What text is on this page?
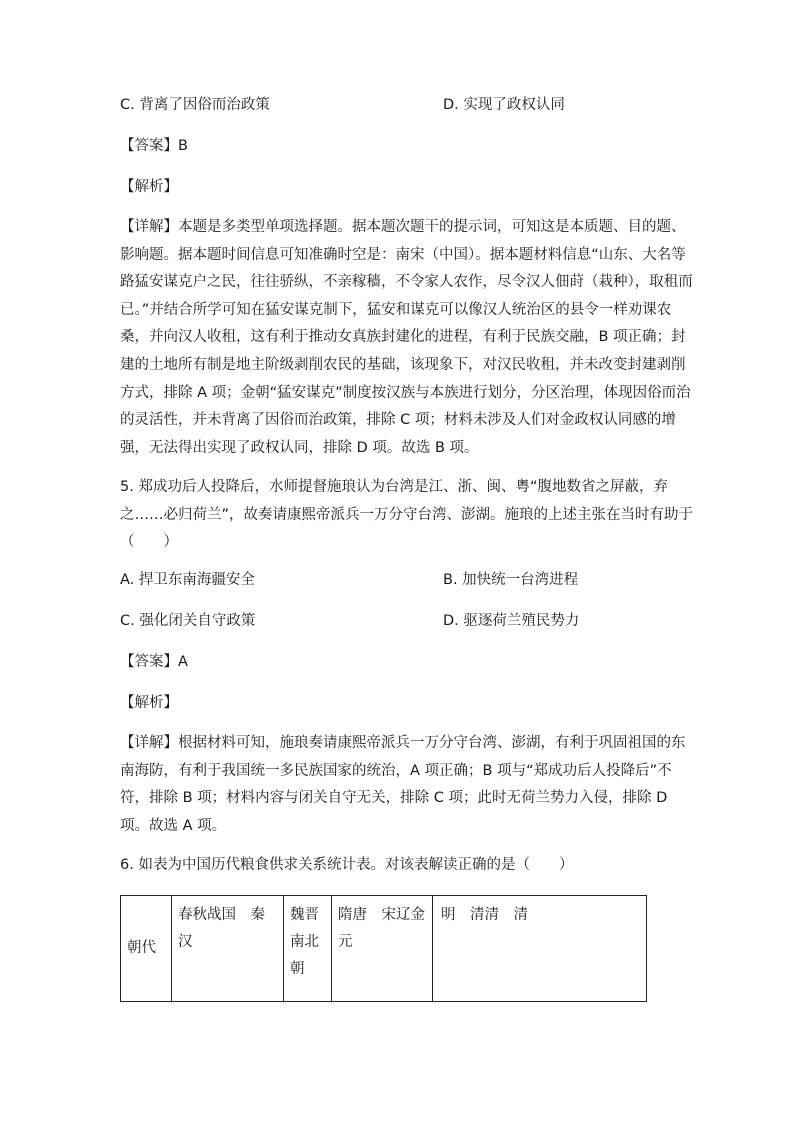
C. 背离了因俗而治政策	D. 实现了政权认同
【答案】B
【解析】
【详解】本题是多类型单项选择题。据本题次题干的提示词，可知这是本质题、目的题、
影响题。据本题时间信息可知准确时空是：南宋（中国）。据本题材料信息“山东、大名等
路猛安谋克户之民，往往骄纵，不亲稼穑，不令家人农作，尽令汉人佃莳（栽种），取租而
已。”并结合所学可知在猛安谋克制下，猛安和谋克可以像汉人统治区的县令一样劝课农
桑，并向汉人收租，这有利于推动女真族封建化的进程，有利于民族交融，B 项正确；封
建的土地所有制是地主阶级剥削农民的基础，该现象下，对汉民收租，并未改变封建剥削
方式，排除 A 项；金朝“猛安谋克”制度按汉族与本族进行划分，分区治理，体现因俗而治
的灵活性，并未背离了因俗而治政策，排除 C 项；材料未涉及人们对金政权认同感的增
强，无法得出实现了政权认同，排除 D 项。故选 B 项。
5. 郑成功后人投降后，水师提督施琅认为台湾是江、浙、闽、粤“腹地数省之屏蔽，弃
之……必归荷兰”，故奏请康熙帝派兵一万分守台湾、澎湖。施琅的上述主张在当时有助于
（　　）
A. 捍卫东南海疆安全	B. 加快统一台湾进程
C. 强化闭关自守政策	D. 驱逐荷兰殖民势力
【答案】A
【解析】
【详解】根据材料可知，施琅奏请康熙帝派兵一万分守台湾、澎湖，有利于巩固祖国的东
南海防，有利于我国统一多民族国家的统治，A 项正确；B 项与“郑成功后人投降后”不
符，排除 B 项；材料内容与闭关自守无关，排除 C 项；此时无荷兰势力入侵，排除 D
项。故选 A 项。
6. 如表为中国历代粮食供求关系统计表。对该表解读正确的是（　　）
朝代	春秋战国　秦汉	魏晋南北朝	隋唐　宋辽金元	明　清清　清
